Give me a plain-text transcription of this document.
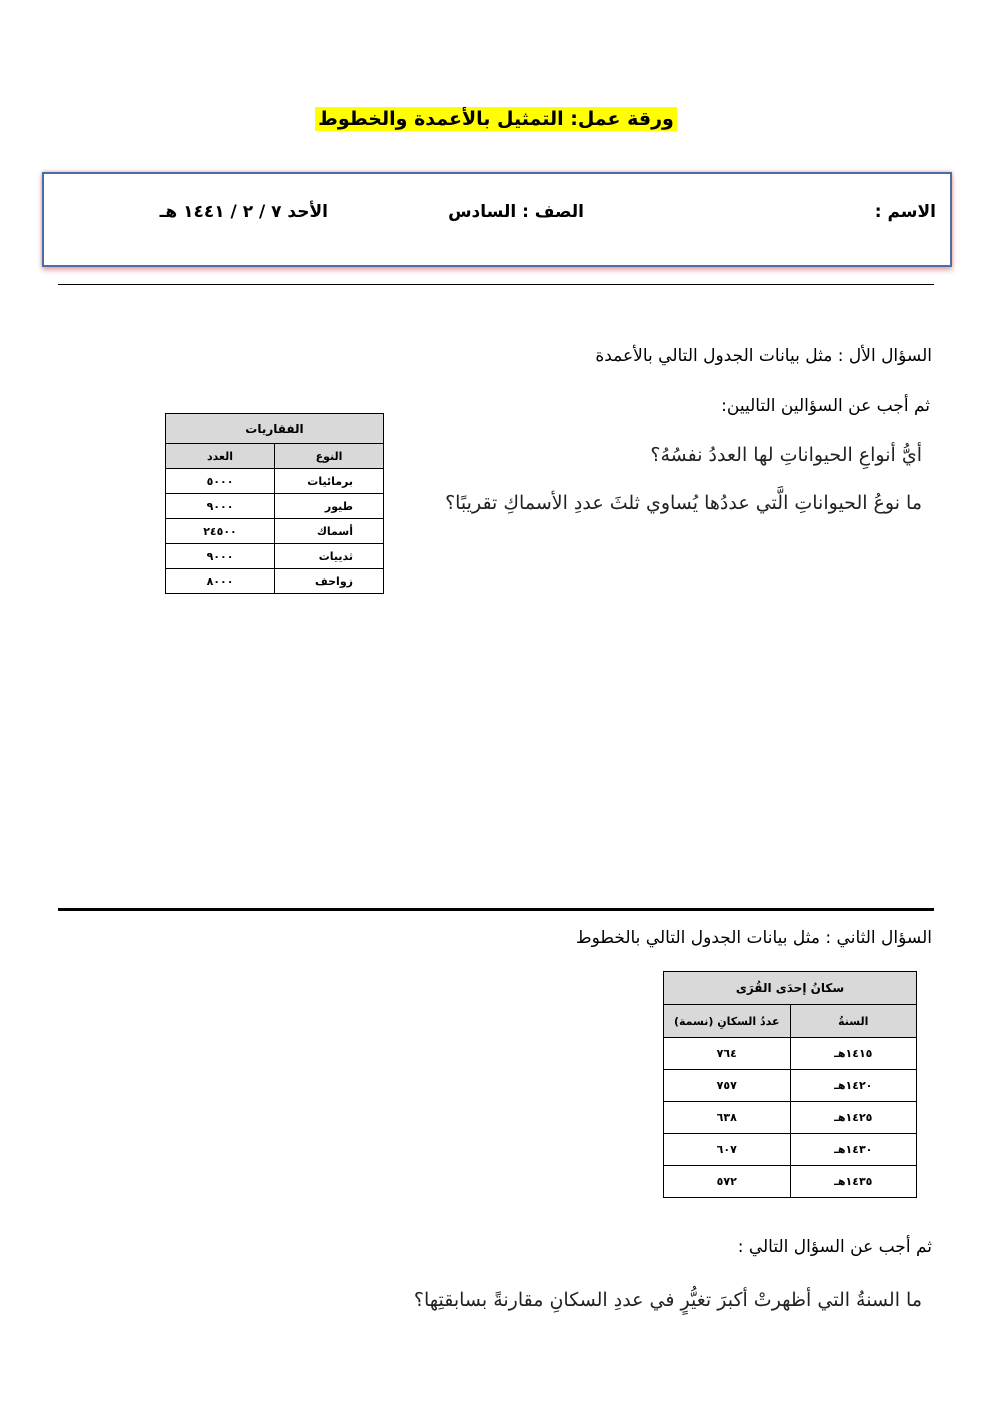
ورقة عمل: التمثيل بالأعمدة والخطوط
الاسم :
الصف : السادس
الأحد ٧ / ٢ / ١٤٤١ هـ
السؤال الأل : مثل بيانات الجدول التالي بالأعمدة
ثم أجب عن السؤالين التاليين:
أيُّ أنواعِ الحيواناتِ لها العددُ نفسُهُ؟
ما نوعُ الحيواناتِ الَّتي عددُها يُساوي ثلثَ عددِ الأسماكِ تقريبًا؟
الفقاريات	
النوع	العدد
برمائيات	٥٠٠٠
طيور	٩٠٠٠
أسماك	٢٤٥٠٠
ثدييات	٩٠٠٠
زواحف	٨٠٠٠
السؤال الثاني : مثل بيانات الجدول التالي بالخطوط
سكانُ إحدَى القُرَى	
السنةُ	عددُ السكانِ (نسمة)
١٤١٥هـ	٧٦٤
١٤٢٠هـ	٧٥٧
١٤٢٥هـ	٦٣٨
١٤٣٠هـ	٦٠٧
١٤٣٥هـ	٥٧٢
ثم أجب عن السؤال التالي :
ما السنةُ التي أظهرتْ أكبرَ تغيُّرٍ في عددِ السكانِ مقارنةً بسابقتِها؟
